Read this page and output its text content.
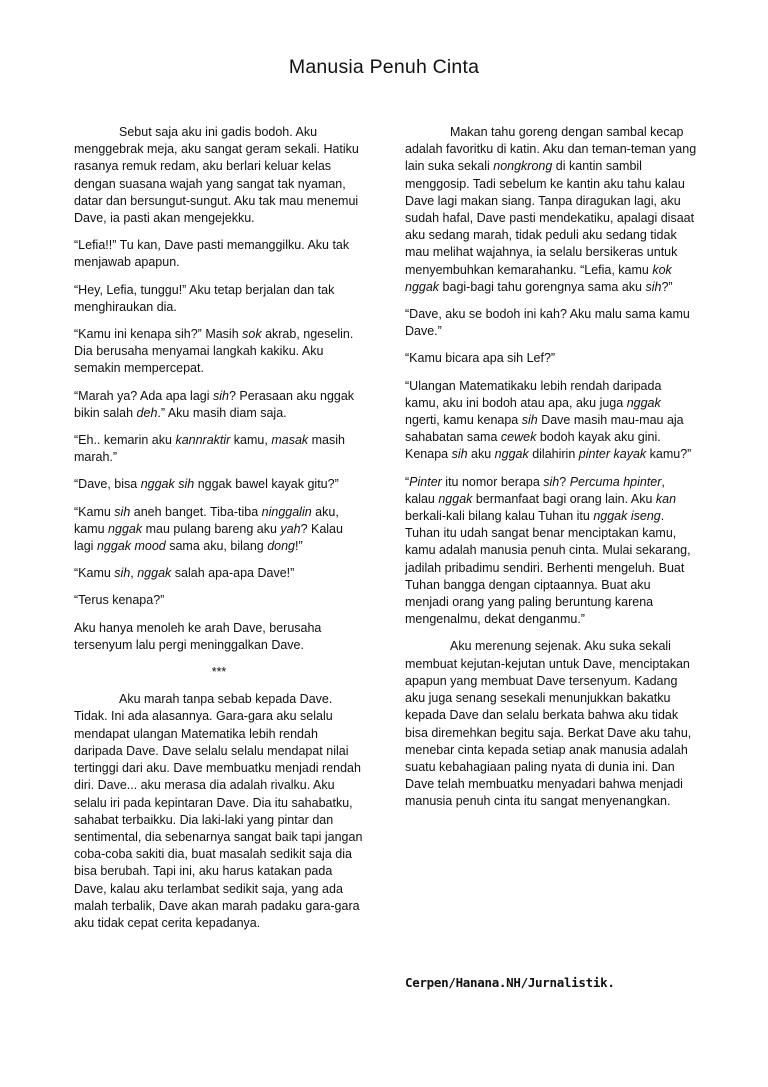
Manusia Penuh Cinta

Sebut saja aku ini gadis bodoh. Aku menggebrak meja, aku sangat geram sekali. Hatiku rasanya remuk redam, aku berlari keluar kelas dengan suasana wajah yang sangat tak nyaman, datar dan bersungut-sungut. Aku tak mau menemui Dave, ia pasti akan mengejekku.

“Lefia!!” Tu kan, Dave pasti memanggilku. Aku tak menjawab apapun.

“Hey, Lefia, tunggu!” Aku tetap berjalan dan tak menghiraukan dia.

“Kamu ini kenapa sih?” Masih sok akrab, ngeselin. Dia berusaha menyamai langkah kakiku. Aku semakin mempercepat.

“Marah ya? Ada apa lagi sih? Perasaan aku nggak bikin salah deh.” Aku masih diam saja.

“Eh.. kemarin aku kannraktir kamu, masak masih marah.”

“Dave, bisa nggak sih nggak bawel kayak gitu?”

“Kamu sih aneh banget. Tiba-tiba ninggalin aku, kamu nggak mau pulang bareng aku yah? Kalau lagi nggak mood sama aku, bilang dong!”

“Kamu sih, nggak salah apa-apa Dave!”

“Terus kenapa?”

Aku hanya menoleh ke arah Dave, berusaha tersenyum lalu pergi meninggalkan Dave.

***

Aku marah tanpa sebab kepada Dave. Tidak. Ini ada alasannya. Gara-gara aku selalu mendapat ulangan Matematika lebih rendah daripada Dave. Dave selalu selalu mendapat nilai tertinggi dari aku. Dave membuatku menjadi rendah diri. Dave... aku merasa dia adalah rivalku. Aku selalu iri pada kepintaran Dave. Dia itu sahabatku, sahabat terbaikku. Dia laki-laki yang pintar dan sentimental, dia sebenarnya sangat baik tapi jangan coba-coba sakiti dia, buat masalah sedikit saja dia bisa berubah. Tapi ini, aku harus katakan pada Dave, kalau aku terlambat sedikit saja, yang ada malah terbalik, Dave akan marah padaku gara-gara aku tidak cepat cerita kepadanya.

Makan tahu goreng dengan sambal kecap adalah favoritku di katin. Aku dan teman-teman yang lain suka sekali nongkrong di kantin sambil menggosip. Tadi sebelum ke kantin aku tahu kalau Dave lagi makan siang. Tanpa diragukan lagi, aku sudah hafal, Dave pasti mendekatiku, apalagi disaat aku sedang marah, tidak peduli aku sedang tidak mau melihat wajahnya, ia selalu bersikeras untuk menyembuhkan kemarahanku. “Lefia, kamu kok nggak bagi-bagi tahu gorengnya sama aku sih?”

“Dave, aku se bodoh ini kah? Aku malu sama kamu Dave.”

“Kamu bicara apa sih Lef?”

“Ulangan Matematikaku lebih rendah daripada kamu, aku ini bodoh atau apa, aku juga nggak ngerti, kamu kenapa sih Dave masih mau-mau aja sahabatan sama cewek bodoh kayak aku gini. Kenapa sih aku nggak dilahirin pinter kayak kamu?”

“Pinter itu nomor berapa sih? Percuma hpinter, kalau nggak bermanfaat bagi orang lain. Aku kan berkali-kali bilang kalau Tuhan itu nggak iseng. Tuhan itu udah sangat benar menciptakan kamu, kamu adalah manusia penuh cinta. Mulai sekarang, jadilah pribadimu sendiri. Berhenti mengeluh. Buat Tuhan bangga dengan ciptaannya. Buat aku menjadi orang yang paling beruntung karena mengenalmu, dekat denganmu.”

Aku merenung sejenak. Aku suka sekali membuat kejutan-kejutan untuk Dave, menciptakan apapun yang membuat Dave tersenyum. Kadang aku juga senang sesekali menunjukkan bakatku kepada Dave dan selalu berkata bahwa aku tidak bisa diremehkan begitu saja. Berkat Dave aku tahu, menebar cinta kepada setiap anak manusia adalah suatu kebahagiaan paling nyata di dunia ini. Dan Dave telah membuatku menyadari bahwa menjadi manusia penuh cinta itu sangat menyenangkan.

Cerpen/Hanana.NH/Jurnalistik.
